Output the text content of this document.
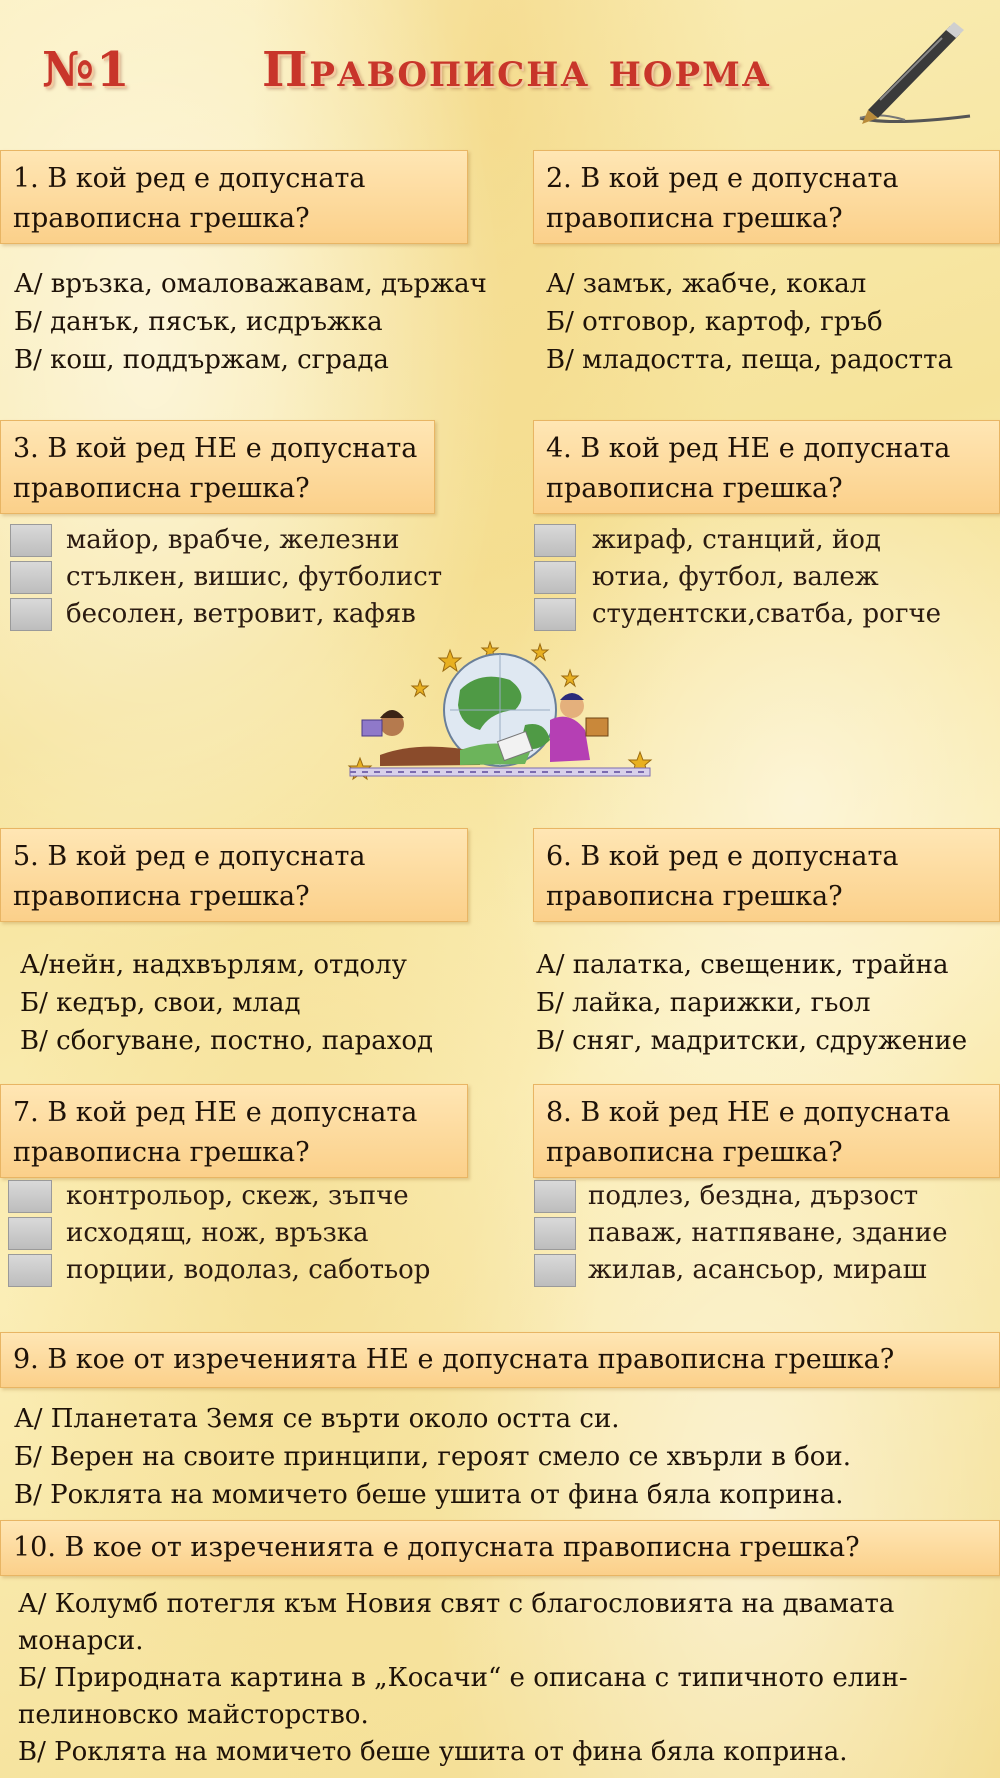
№1	Правописна норма
1. В кой ред е допусната правописна грешка?
А/ връзка, омаловажавам, държач
Б/ данък, пясък, исдръжка
В/ кош, поддържам, сграда
2. В кой ред е допусната правописна грешка?
А/ замък, жабче, кокал
Б/ отговор, картоф, гръб
В/ младостта, пеща, радостта
3. В кой ред НЕ е допусната правописна грешка?
майор, врабче, железни
стълкен, вишис, футболист
бесолен, ветровит, кафяв
4. В кой ред НЕ е допусната правописна грешка?
жираф, станций, йод
ютиа, футбол, валеж
студентски,сватба, рогче
5. В кой ред е допусната правописна грешка?
А/нейн, надхвърлям, отдолу
Б/ кедър, свои, млад
В/ сбогуване, постно, параход
6. В кой ред е допусната правописна грешка?
А/ палатка, свещеник, трайна
Б/ лайка, парижки, гьол
В/ сняг, мадритски, сдружение
7. В кой ред НЕ е допусната правописна грешка?
контрольор, скеж, зъпче
исходящ, нож, връзка
порции, водолаз, саботьор
8. В кой ред НЕ е допусната правописна грешка?
подлез, бездна, дързост
паваж, натпяване, здание
жилав, асансьор, мираш
9. В кое от изреченията НЕ е допусната правописна грешка?
А/ Планетата Земя се върти около остта си.
Б/ Верен на своите принципи, героят смело се хвърли в бои.
В/ Роклята на момичето беше ушита от фина бяла коприна.
10. В кое от изреченията е допусната правописна грешка?
А/ Колумб потегля към Новия свят с благословията на двамата монарси.
Б/ Природната картина в „Косачи“ е описана с типичното елин-пелиновско майсторство.
В/ Роклята на момичето беше ушита от фина бяла коприна.
